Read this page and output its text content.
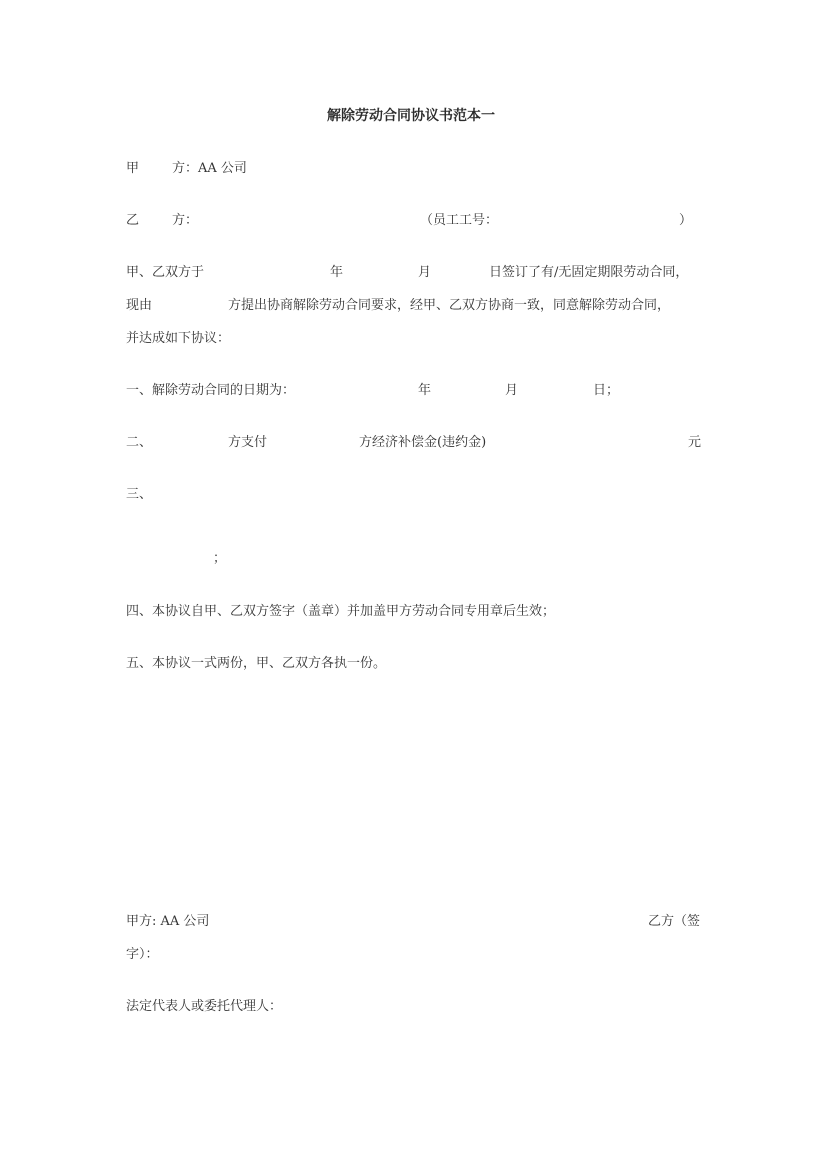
解除劳动合同协议书范本一
甲	方： AA 公司
乙	方：	（员工工号：	）
甲、乙双方于	年	月	日签订了有/无固定期限劳动合同，
现由	方提出协商解除劳动合同要求，经甲、乙双方协商一致，同意解除劳动合同，
并达成如下协议：
一、解除劳动合同的日期为：	年	月	日；
二、	方支付	方经济补偿金(违约金)	元
三、
；
四、本协议自甲、乙双方签字（盖章）并加盖甲方劳动合同专用章后生效；
五、本协议一式两份，甲、乙双方各执一份。
甲方: AA 公司	乙方（签
字）：
法定代表人或委托代理人：
